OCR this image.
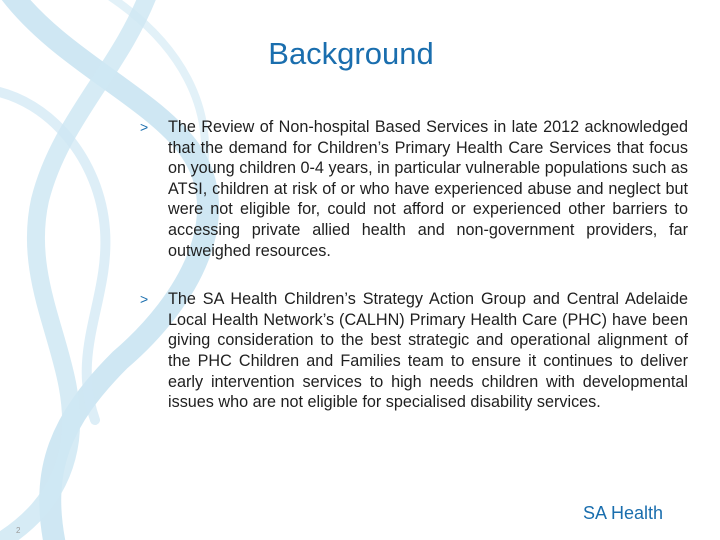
Background
> The Review of Non-hospital Based Services in late 2012 acknowledged that the demand for Children’s Primary Health Care Services that focus on young children 0-4 years, in particular vulnerable populations such as ATSI, children at risk of or who have experienced abuse and neglect but were not eligible for, could not afford or experienced other barriers to accessing private allied health and non-government providers, far outweighed resources.
> The SA Health Children’s Strategy Action Group and Central Adelaide Local Health Network’s (CALHN) Primary Health Care (PHC) have been giving consideration to the best strategic and operational alignment of the PHC Children and Families team to ensure it continues to deliver early intervention services to high needs children with developmental issues who are not eligible for specialised disability services.
2
SA Health
